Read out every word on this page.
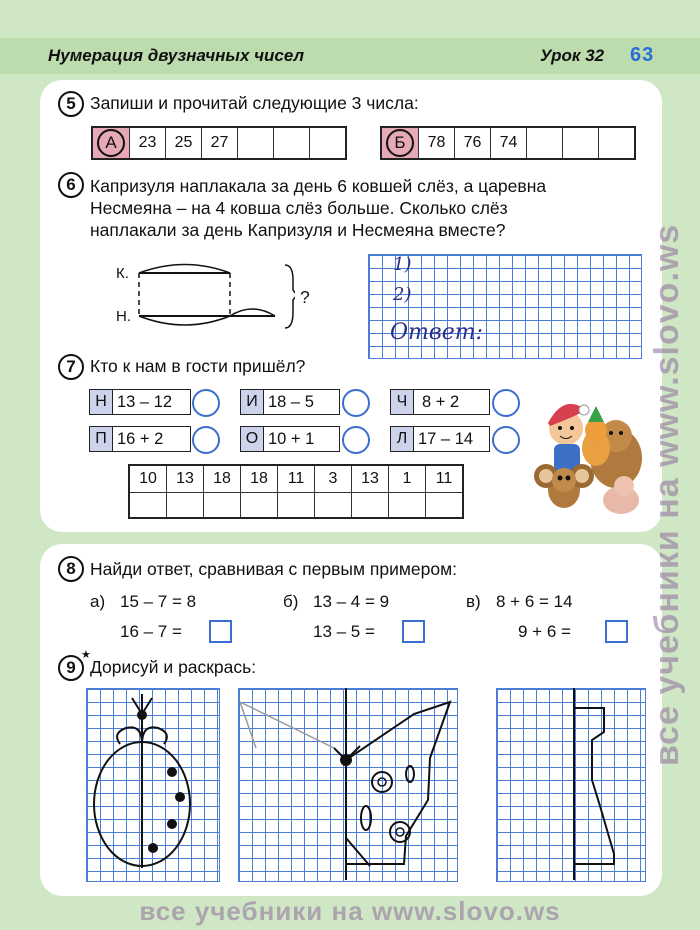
Нумерация двузначных чисел	Урок 32 63
5 Запиши и прочитай следующие 3 числа:
А	23	25	27	Б	78	76	74
6 Капризуля наплакала за день 6 ковшей слёз, а царевна
Несмеяна – на 4 ковша слёз больше. Сколько слёз
наплакали за день Капризуля и Несмеяна вместе?
К.
Н.
?
1)
2)
Ответ:
7 Кто к нам в гости пришёл?
Н 13 – 12	И 18 – 5	Ч 8 + 2
П 16 + 2	О 10 + 1	Л 17 – 14
10	13	18	18	11	3	13	1	11
8 Найди ответ, сравнивая с первым примером:
а) 15 – 7 = 8
16 – 7 =
б) 13 – 4 = 9
13 – 5 =
в) 8 + 6 = 14
9 + 6 =
9
★
Дорисуй и раскрась:	все учебники на www.slovo.ws
все учебники на www.slovo.ws
